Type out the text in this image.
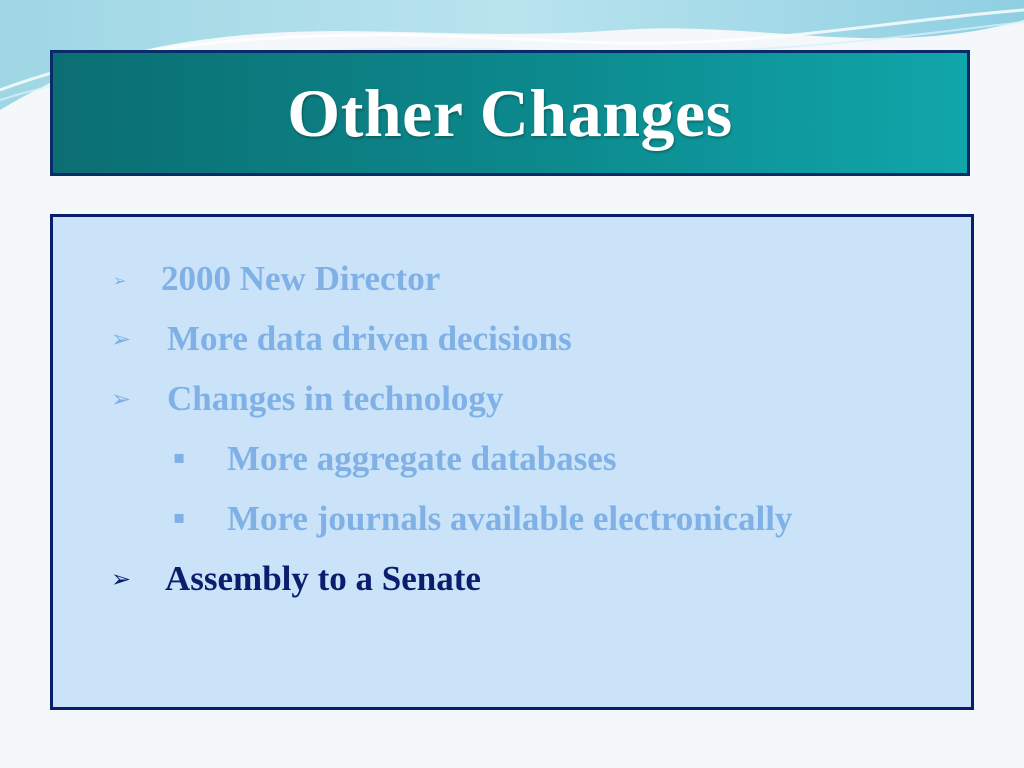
Other Changes
➢ 2000 New Director
➢ More data driven decisions
➢ Changes in technology
▪ More aggregate databases
▪ More journals available electronically
➢ Assembly to a Senate
